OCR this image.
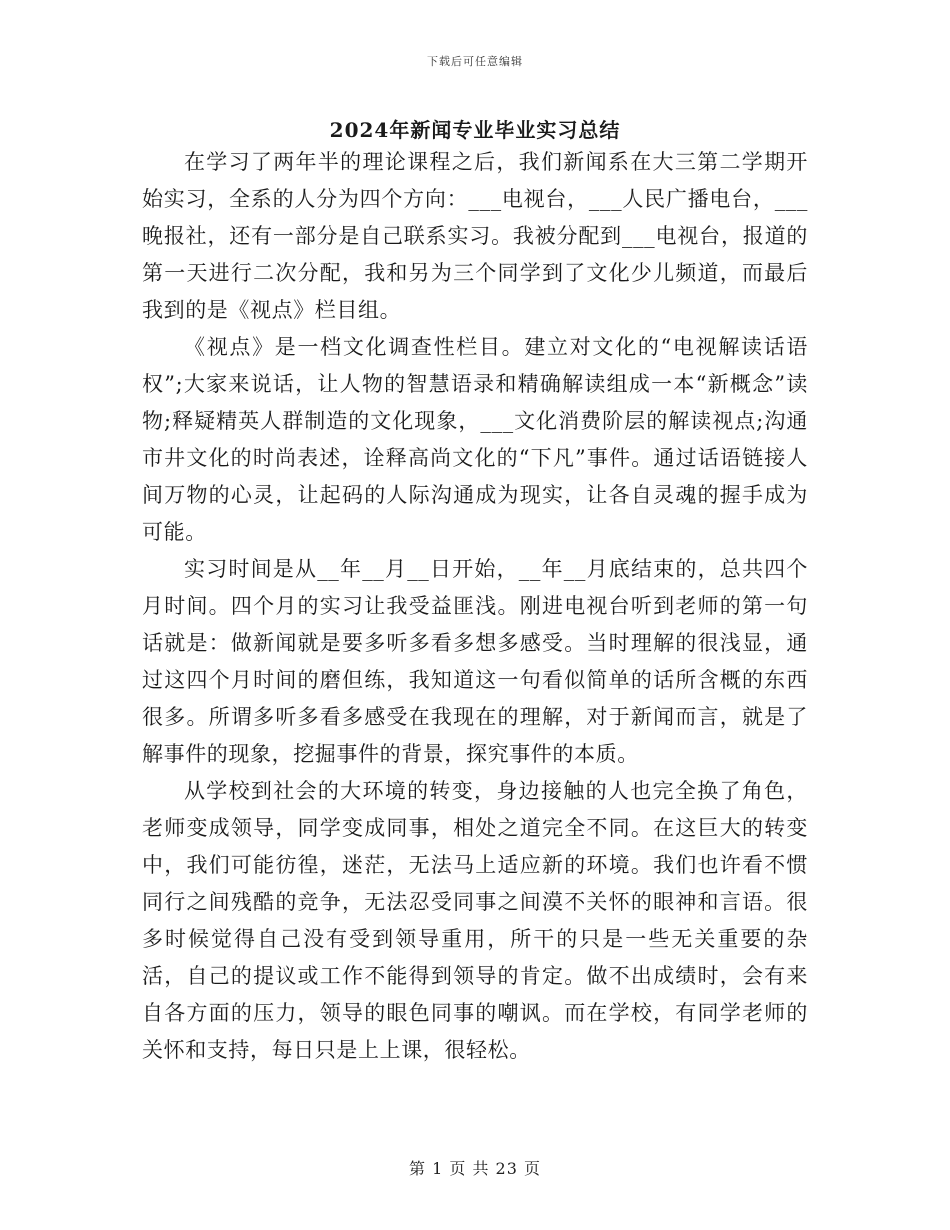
下载后可任意编辑
2024年新闻专业毕业实习总结

在学习了两年半的理论课程之后，我们新闻系在大三第二学期开始实习，全系的人分为四个方向：___电视台，___人民广播电台，___晚报社，还有一部分是自己联系实习。我被分配到___电视台，报道的第一天进行二次分配，我和另为三个同学到了文化少儿频道，而最后我到的是《视点》栏目组。

《视点》是一档文化调查性栏目。建立对文化的“电视解读话语权”;大家来说话，让人物的智慧语录和精确解读组成一本“新概念”读物;释疑精英人群制造的文化现象，___文化消费阶层的解读视点;沟通市井文化的时尚表述，诠释高尚文化的“下凡”事件。通过话语链接人间万物的心灵，让起码的人际沟通成为现实，让各自灵魂的握手成为可能。

实习时间是从__年__月__日开始，__年__月底结束的，总共四个月时间。四个月的实习让我受益匪浅。刚进电视台听到老师的第一句话就是：做新闻就是要多听多看多想多感受。当时理解的很浅显，通过这四个月时间的磨但练，我知道这一句看似简单的话所含概的东西很多。所谓多听多看多感受在我现在的理解，对于新闻而言，就是了解事件的现象，挖掘事件的背景，探究事件的本质。

从学校到社会的大环境的转变，身边接触的人也完全换了角色，老师变成领导，同学变成同事，相处之道完全不同。在这巨大的转变中，我们可能彷徨，迷茫，无法马上适应新的环境。我们也许看不惯同行之间残酷的竞争，无法忍受同事之间漠不关怀的眼神和言语。很多时候觉得自己没有受到领导重用，所干的只是一些无关重要的杂活，自己的提议或工作不能得到领导的肯定。做不出成绩时，会有来自各方面的压力，领导的眼色同事的嘲讽。而在学校，有同学老师的关怀和支持，每日只是上上课，很轻松。

第 1 页 共 23 页
